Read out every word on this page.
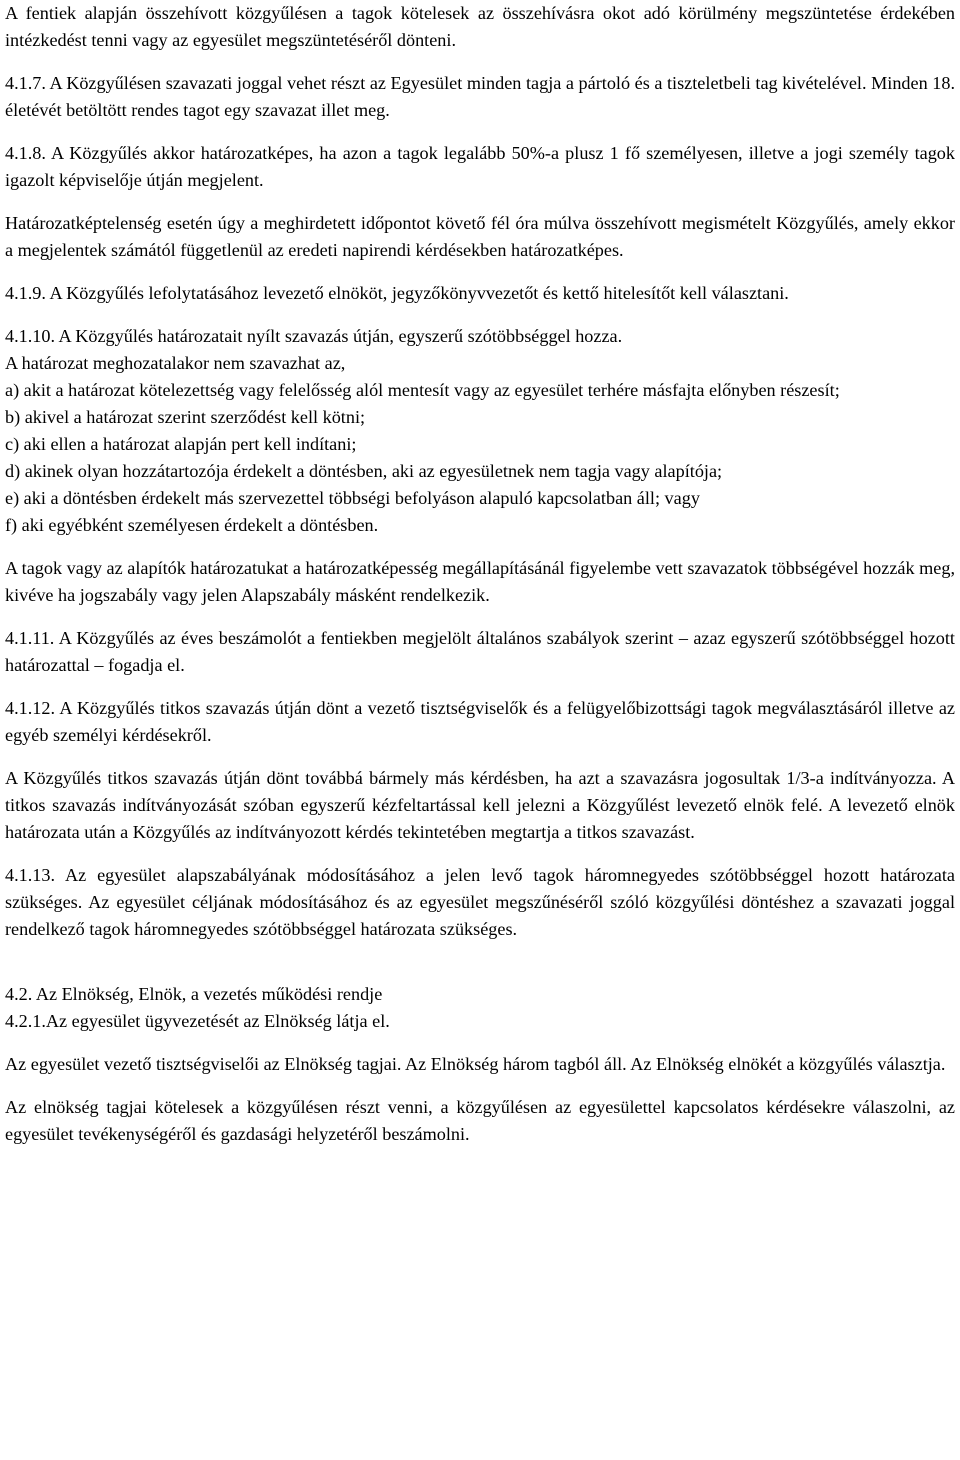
A fentiek alapján összehívott közgyűlésen a tagok kötelesek az összehívásra okot adó körülmény megszüntetése érdekében intézkedést tenni vagy az egyesület megszüntetéséről dönteni.

4.1.7. A Közgyűlésen szavazati joggal vehet részt az Egyesület minden tagja a pártoló és a tiszteletbeli tag kivételével. Minden 18. életévét betöltött rendes tagot egy szavazat illet meg.

4.1.8. A Közgyűlés akkor határozatképes, ha azon a tagok legalább 50%-a plusz 1 fő személyesen, illetve a jogi személy tagok igazolt képviselője útján megjelent.

Határozatképtelenség esetén úgy a meghirdetett időpontot követő fél óra múlva összehívott megismételt Közgyűlés, amely ekkor a megjelentek számától függetlenül az eredeti napirendi kérdésekben határozatképes.

4.1.9. A Közgyűlés lefolytatásához levezető elnököt, jegyzőkönyvvezetőt és kettő hitelesítőt kell választani.

4.1.10. A Közgyűlés határozatait nyílt szavazás útján, egyszerű szótöbbséggel hozza.

A határozat meghozatalakor nem szavazhat az,

a) akit a határozat kötelezettség vagy felelősség alól mentesít vagy az egyesület terhére másfajta előnyben részesít;

b) akivel a határozat szerint szerződést kell kötni;

c) aki ellen a határozat alapján pert kell indítani;

d) akinek olyan hozzátartozója érdekelt a döntésben, aki az egyesületnek nem tagja vagy alapítója;

e) aki a döntésben érdekelt más szervezettel többségi befolyáson alapuló kapcsolatban áll; vagy

f) aki egyébként személyesen érdekelt a döntésben.

A tagok vagy az alapítók határozatukat a határozatképesség megállapításánál figyelembe vett szavazatok többségével hozzák meg, kivéve ha jogszabály vagy jelen Alapszabály másként rendelkezik.

4.1.11. A Közgyűlés az éves beszámolót a fentiekben megjelölt általános szabályok szerint – azaz egyszerű szótöbbséggel hozott határozattal – fogadja el.

4.1.12. A Közgyűlés titkos szavazás útján dönt a vezető tisztségviselők és a felügyelőbizottsági tagok megválasztásáról illetve az egyéb személyi kérdésekről.

A Közgyűlés titkos szavazás útján dönt továbbá bármely más kérdésben, ha azt a szavazásra jogosultak 1/3-a indítványozza. A titkos szavazás indítványozását szóban egyszerű kézfeltartással kell jelezni a Közgyűlést levezető elnök felé. A levezető elnök határozata után a Közgyűlés az indítványozott kérdés tekintetében megtartja a titkos szavazást.

4.1.13. Az egyesület alapszabályának módosításához a jelen levő tagok háromnegyedes szótöbbséggel hozott határozata szükséges. Az egyesület céljának módosításához és az egyesület megszűnéséről szóló közgyűlési döntéshez a szavazati joggal rendelkező tagok háromnegyedes szótöbbséggel határozata szükséges.

4.2. Az Elnökség, Elnök, a vezetés működési rendje

4.2.1.Az egyesület ügyvezetését az Elnökség látja el.

Az egyesület vezető tisztségviselői az Elnökség tagjai. Az Elnökség három tagból áll. Az Elnökség elnökét a közgyűlés választja.

Az elnökség tagjai kötelesek a közgyűlésen részt venni, a közgyűlésen az egyesülettel kapcsolatos kérdésekre válaszolni, az egyesület tevékenységéről és gazdasági helyzetéről beszámolni.
